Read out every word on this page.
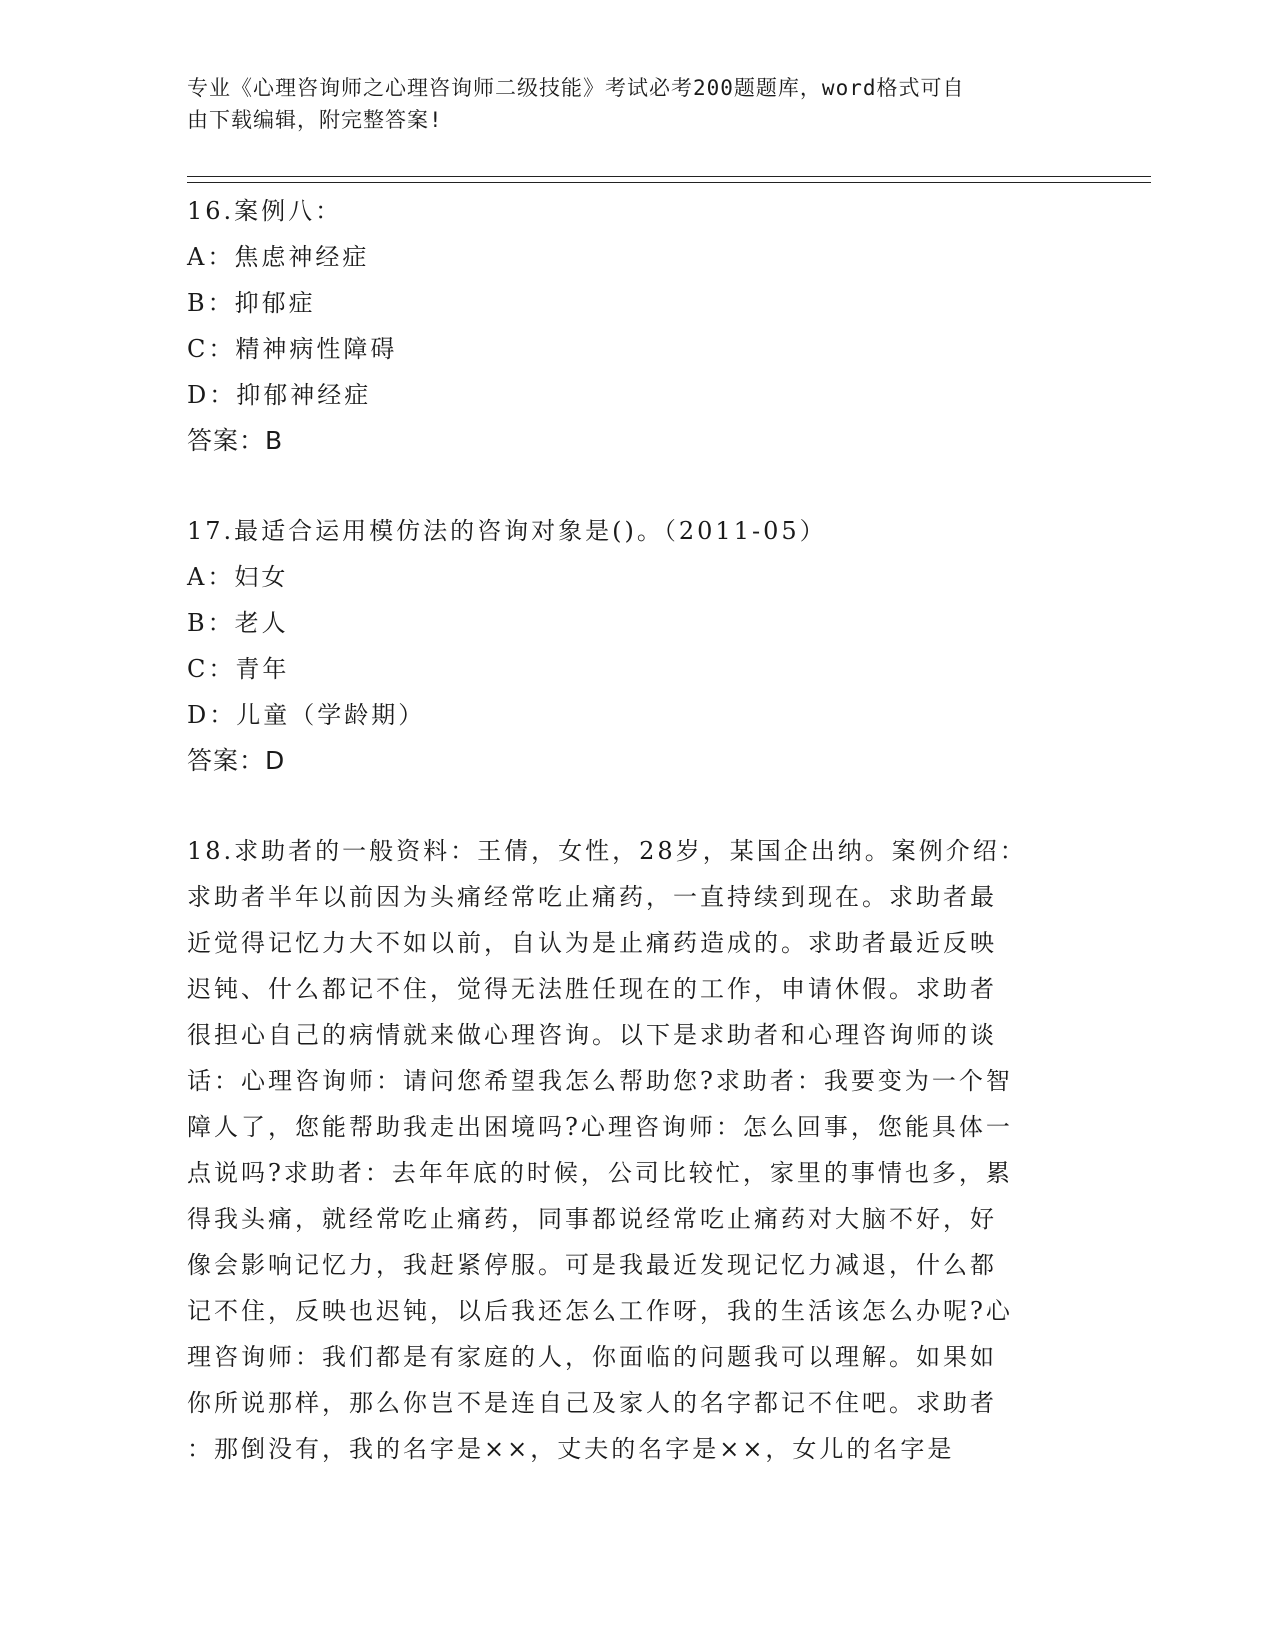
专业《心理咨询师之心理咨询师二级技能》考试必考200题题库，word格式可自
由下载编辑，附完整答案!
16.案例八：
A：焦虑神经症
B：抑郁症
C：精神病性障碍
D：抑郁神经症
答案：B
17.最适合运用模仿法的咨询对象是()。（2011-05）
A：妇女
B：老人
C：青年
D：儿童（学龄期）
答案：D
18.求助者的一般资料：王倩，女性，28岁，某国企出纳。案例介绍：
求助者半年以前因为头痛经常吃止痛药，一直持续到现在。求助者最
近觉得记忆力大不如以前，自认为是止痛药造成的。求助者最近反映
迟钝、什么都记不住，觉得无法胜任现在的工作，申请休假。求助者
很担心自己的病情就来做心理咨询。以下是求助者和心理咨询师的谈
话：心理咨询师：请问您希望我怎么帮助您?求助者：我要变为一个智
障人了，您能帮助我走出困境吗?心理咨询师：怎么回事，您能具体一
点说吗?求助者：去年年底的时候，公司比较忙，家里的事情也多，累
得我头痛，就经常吃止痛药，同事都说经常吃止痛药对大脑不好，好
像会影响记忆力，我赶紧停服。可是我最近发现记忆力减退，什么都
记不住，反映也迟钝，以后我还怎么工作呀，我的生活该怎么办呢?心
理咨询师：我们都是有家庭的人，你面临的问题我可以理解。如果如
你所说那样，那么你岂不是连自己及家人的名字都记不住吧。求助者
：那倒没有，我的名字是××，丈夫的名字是××，女儿的名字是
